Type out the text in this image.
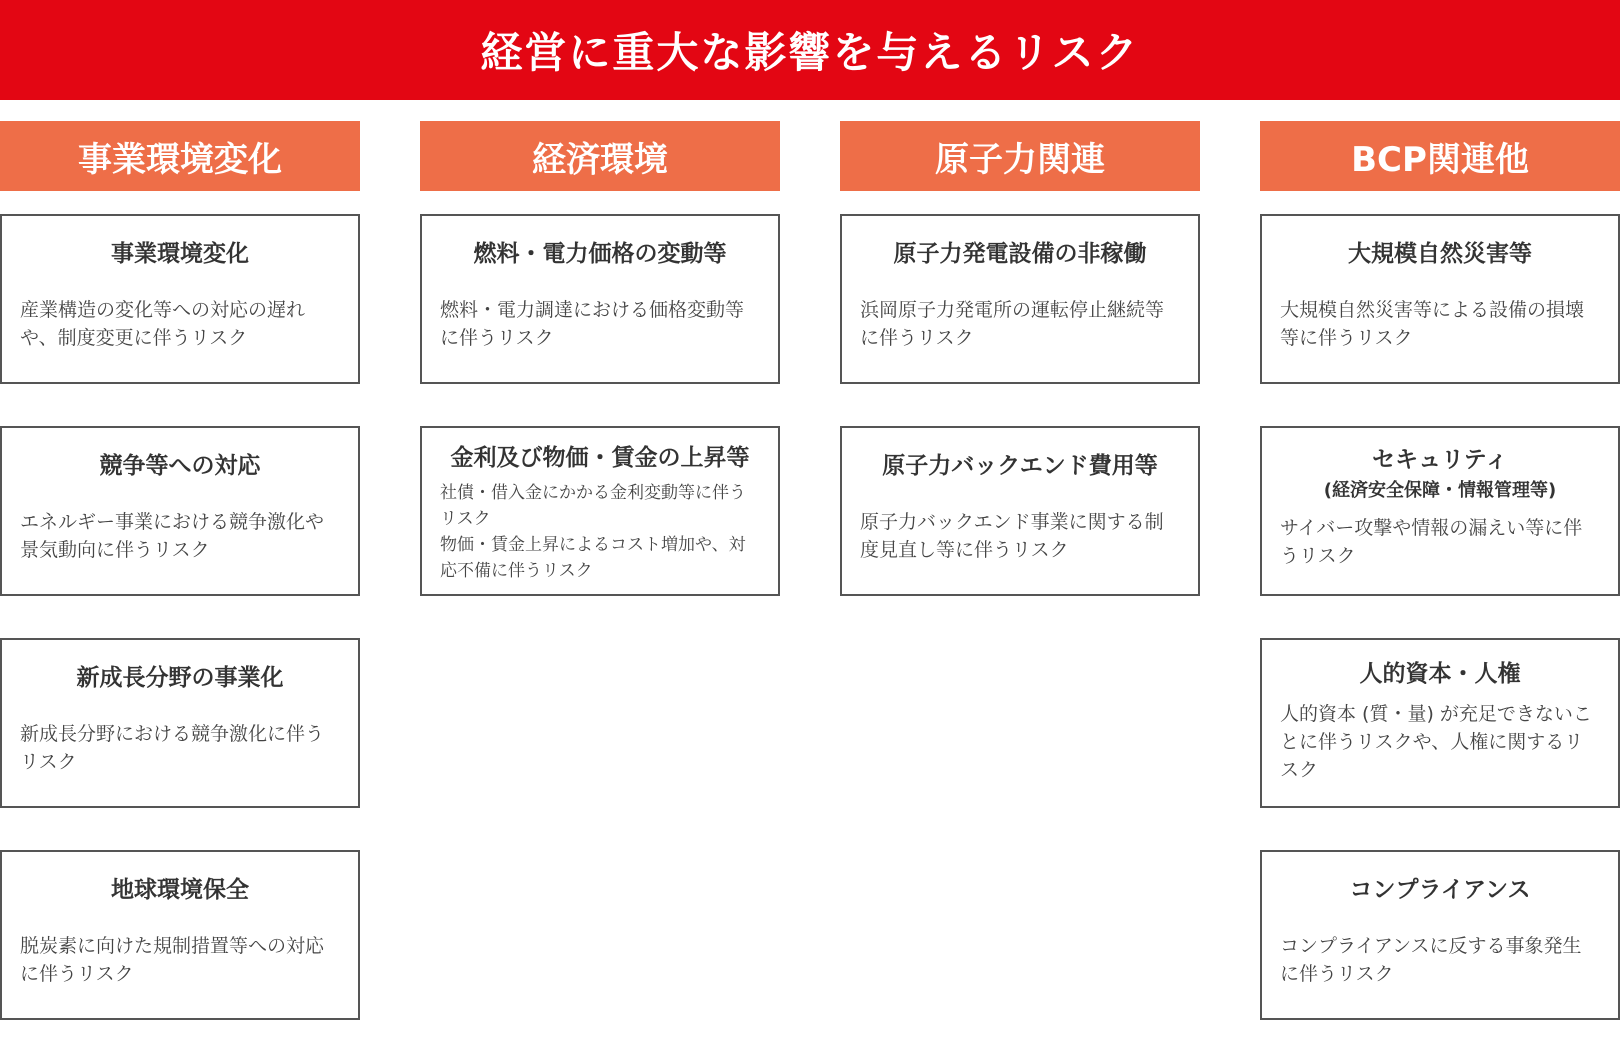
経営に重大な影響を与えるリスク
事業環境変化
事業環境変化
産業構造の変化等への対応の遅れや、制度変更に伴うリスク
競争等への対応
エネルギー事業における競争激化や景気動向に伴うリスク
新成長分野の事業化
新成長分野における競争激化に伴うリスク
地球環境保全
脱炭素に向けた規制措置等への対応に伴うリスク
経済環境
燃料・電力価格の変動等
燃料・電力調達における価格変動等に伴うリスク
金利及び物価・賃金の上昇等
社債・借入金にかかる金利変動等に伴うリスク
物価・賃金上昇によるコスト増加や、対応不備に伴うリスク
原子力関連
原子力発電設備の非稼働
浜岡原子力発電所の運転停止継続等に伴うリスク
原子力バックエンド費用等
原子力バックエンド事業に関する制度見直し等に伴うリスク
BCP関連他
大規模自然災害等
大規模自然災害等による設備の損壊等に伴うリスク
セキュリティ
(経済安全保障・情報管理等)
サイバー攻撃や情報の漏えい等に伴うリスク
人的資本・人権
人的資本 (質・量) が充足できないことに伴うリスクや、人権に関するリスク
コンプライアンス
コンプライアンスに反する事象発生に伴うリスク
